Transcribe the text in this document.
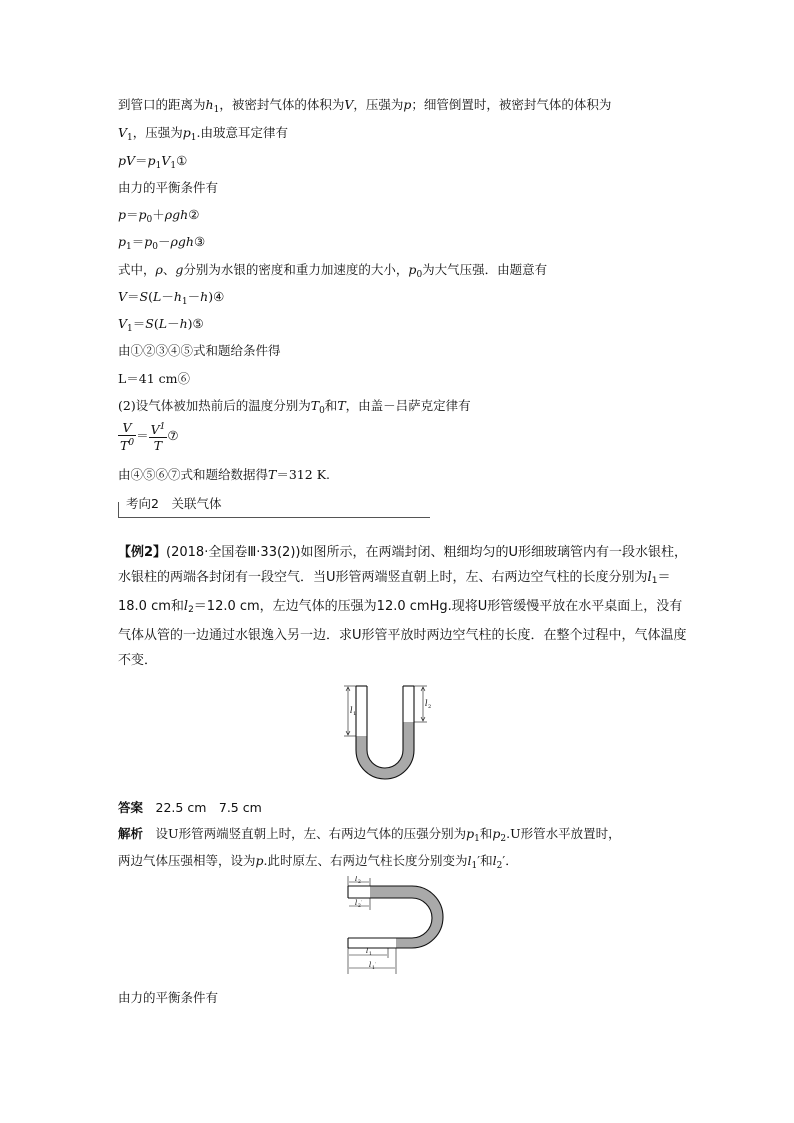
到管口的距离为$h_1$，被密封气体的体积为V，压强为p；细管倒置时，被密封气体的体积为
$V_1$，压强为$p_1$.由玻意耳定律有
$pV=p_1V_1①$
由力的平衡条件有
$p=p_0+\rho gh②$
$p_1=p_0-\rho gh③$
式中，ρ、g分别为水银的密度和重力加速度的大小，$p_0$为大气压强．由题意有
$V=S(L-h_1-h)④$
$V_1=S(L-h)⑤$
由①②③④⑤式和题给条件得
L＝41 cm⑥
(2)设气体被加热前后的温度分别为$T_0$和T，由盖－吕萨克定律有
$\frac{V}{T^0} = \frac{V^1}{T}$ ⑦
由④⑤⑥⑦式和题给数据得T＝312 K.
考向2　关联气体
【例2】(2018·全国卷Ⅲ·33(2))如图所示，在两端封闭、粗细均匀的U形细玻璃管内有一段水银柱，水银柱的两端各封闭有一段空气．当U形管两端竖直朝上时，左、右两边空气柱的长度分别为$l_1=18.0$ cm和$l_2=12.0$ cm，左边气体的压强为12.0 cmHg.现将U形管缓慢平放在水平桌面上，没有气体从管的一边通过水银逸入另一边．求U形管平放时两边空气柱的长度．在整个过程中，气体温度不变．
l 1
l 2
答案　 22.5 cm　7.5 cm
解析　 设U形管两端竖直朝上时，左、右两边气体的压强分别为$p_1$和$p_2.U$形管水平放置时，
两边气体压强相等，设为p.此时原左、右两边气柱长度分别变为$l_1'$和$l_2'$．
l 2
l 2
′
l 1
l 1
′
由力的平衡条件有
